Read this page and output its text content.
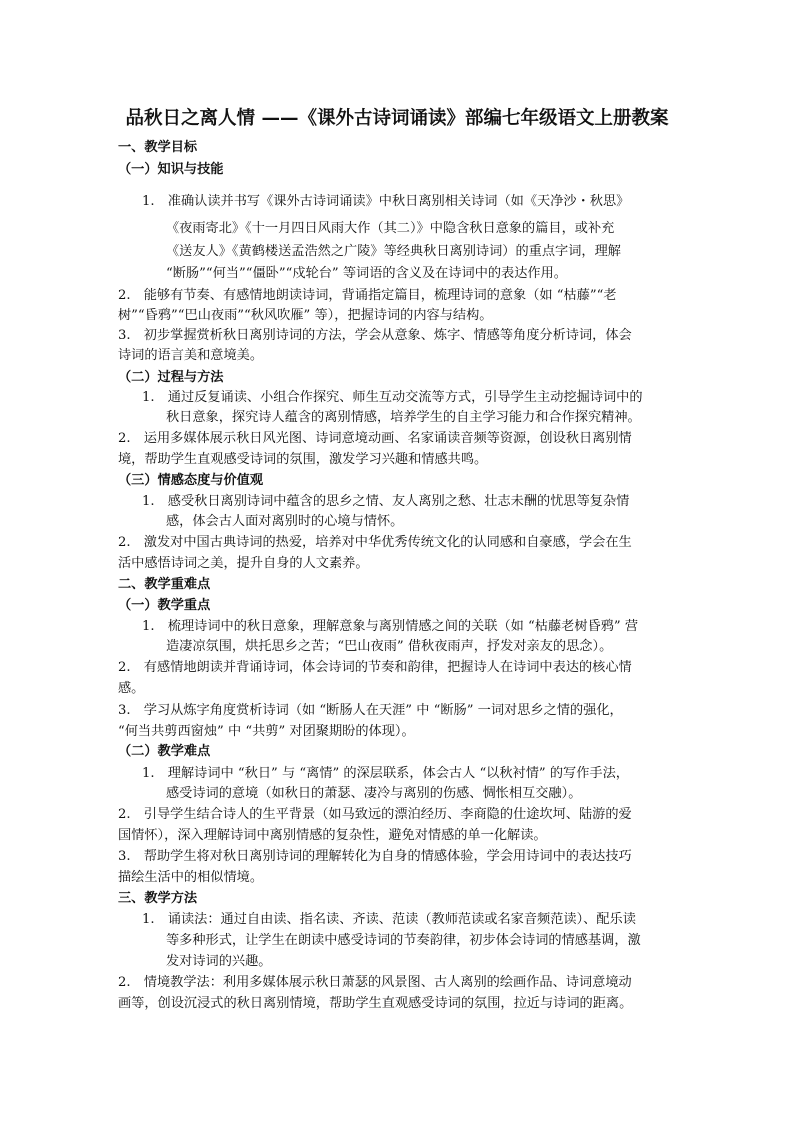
品秋日之离人情 ——《课外古诗词诵读》部编七年级语文上册教案
一、教学目标
（一）知识与技能
1.　准确认读并书写《课外古诗词诵读》中秋日离别相关诗词（如《天净沙・秋思》
《夜雨寄北》《十一月四日风雨大作（其二）》中隐含秋日意象的篇目，或补充
《送友人》《黄鹤楼送孟浩然之广陵》等经典秋日离别诗词）的重点字词，理解
“断肠”“何当”“僵卧”“戍轮台” 等词语的含义及在诗词中的表达作用。
2.　能够有节奏、有感情地朗读诗词，背诵指定篇目，梳理诗词的意象（如 “枯藤”“老
树”“昏鸦”“巴山夜雨”“秋风吹雁” 等），把握诗词的内容与结构。
3.　初步掌握赏析秋日离别诗词的方法，学会从意象、炼字、情感等角度分析诗词，体会
诗词的语言美和意境美。
（二）过程与方法
1.　通过反复诵读、小组合作探究、师生互动交流等方式，引导学生主动挖掘诗词中的
秋日意象，探究诗人蕴含的离别情感，培养学生的自主学习能力和合作探究精神。
2.　运用多媒体展示秋日风光图、诗词意境动画、名家诵读音频等资源，创设秋日离别情
境，帮助学生直观感受诗词的氛围，激发学习兴趣和情感共鸣。
（三）情感态度与价值观
1.　感受秋日离别诗词中蕴含的思乡之情、友人离别之愁、壮志未酬的忧思等复杂情
感，体会古人面对离别时的心境与情怀。
2.　激发对中国古典诗词的热爱，培养对中华优秀传统文化的认同感和自豪感，学会在生
活中感悟诗词之美，提升自身的人文素养。
二、教学重难点
（一）教学重点
1.　梳理诗词中的秋日意象，理解意象与离别情感之间的关联（如 “枯藤老树昏鸦” 营
造凄凉氛围，烘托思乡之苦；“巴山夜雨” 借秋夜雨声，抒发对亲友的思念）。
2.　有感情地朗读并背诵诗词，体会诗词的节奏和韵律，把握诗人在诗词中表达的核心情
感。
3.　学习从炼字角度赏析诗词（如 “断肠人在天涯” 中 “断肠” 一词对思乡之情的强化，
“何当共剪西窗烛” 中 “共剪” 对团聚期盼的体现）。
（二）教学难点
1.　理解诗词中 “秋日” 与 “离情” 的深层联系，体会古人 “以秋衬情” 的写作手法，
感受诗词的意境（如秋日的萧瑟、凄冷与离别的伤感、惆怅相互交融）。
2.　引导学生结合诗人的生平背景（如马致远的漂泊经历、李商隐的仕途坎坷、陆游的爱
国情怀），深入理解诗词中离别情感的复杂性，避免对情感的单一化解读。
3.　帮助学生将对秋日离别诗词的理解转化为自身的情感体验，学会用诗词中的表达技巧
描绘生活中的相似情境。
三、教学方法
1.　诵读法：通过自由读、指名读、齐读、范读（教师范读或名家音频范读）、配乐读
等多种形式，让学生在朗读中感受诗词的节奏韵律，初步体会诗词的情感基调，激
发对诗词的兴趣。
2.　情境教学法：利用多媒体展示秋日萧瑟的风景图、古人离别的绘画作品、诗词意境动
画等，创设沉浸式的秋日离别情境，帮助学生直观感受诗词的氛围，拉近与诗词的距离。
